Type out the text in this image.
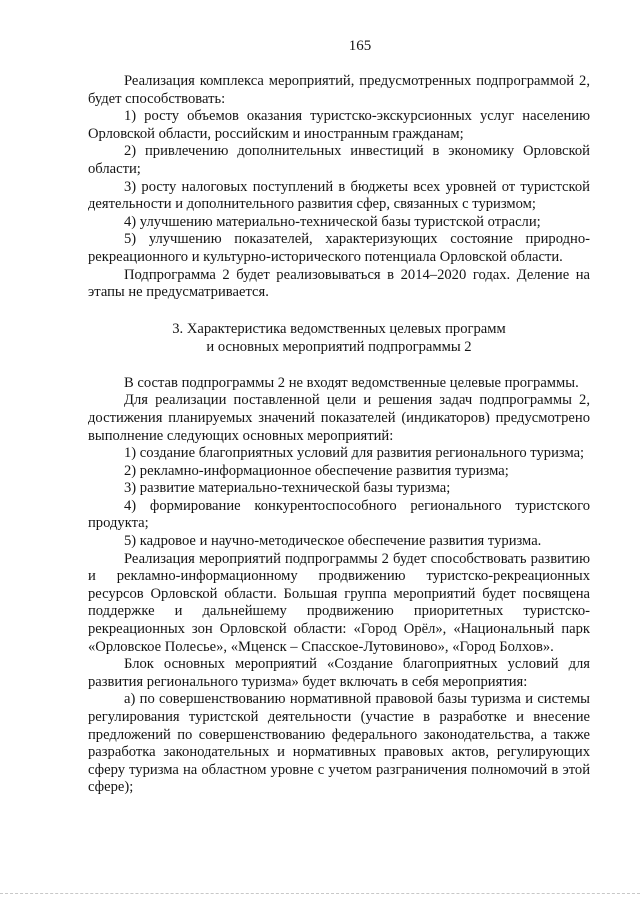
165

Реализация комплекса мероприятий, предусмотренных подпрограммой 2, будет способствовать:

1) росту объемов оказания туристско-экскурсионных услуг населению Орловской области, российским и иностранным гражданам;

2) привлечению дополнительных инвестиций в экономику Орловской области;

3) росту налоговых поступлений в бюджеты всех уровней от туристской деятельности и дополнительного развития сфер, связанных с туризмом;

4) улучшению материально-технической базы туристской отрасли;

5) улучшению показателей, характеризующих состояние природно-рекреационного и культурно-исторического потенциала Орловской области.

Подпрограмма 2 будет реализовываться в 2014–2020 годах. Деление на этапы не предусматривается.

3. Характеристика ведомственных целевых программ
и основных мероприятий подпрограммы 2

В состав подпрограммы 2 не входят ведомственные целевые программы.

Для реализации поставленной цели и решения задач подпрограммы 2, достижения планируемых значений показателей (индикаторов) предусмотрено выполнение следующих основных мероприятий:

1) создание благоприятных условий для развития регионального туризма;

2) рекламно-информационное обеспечение развития туризма;

3) развитие материально-технической базы туризма;

4) формирование конкурентоспособного регионального туристского продукта;

5) кадровое и научно-методическое обеспечение развития туризма.

Реализация мероприятий подпрограммы 2 будет способствовать развитию и рекламно-информационному продвижению туристско-рекреационных ресурсов Орловской области. Большая группа мероприятий будет посвящена поддержке и дальнейшему продвижению приоритетных туристско-рекреационных зон Орловской области: «Город Орёл», «Национальный парк «Орловское Полесье», «Мценск – Спасское-Лутовиново», «Город Болхов».

Блок основных мероприятий «Создание благоприятных условий для развития регионального туризма» будет включать в себя мероприятия:

а) по совершенствованию нормативной правовой базы туризма и системы регулирования туристской деятельности (участие в разработке и внесение предложений по совершенствованию федерального законодательства, а также разработка законодательных и нормативных правовых актов, регулирующих сферу туризма на областном уровне с учетом разграничения полномочий в этой сфере);
